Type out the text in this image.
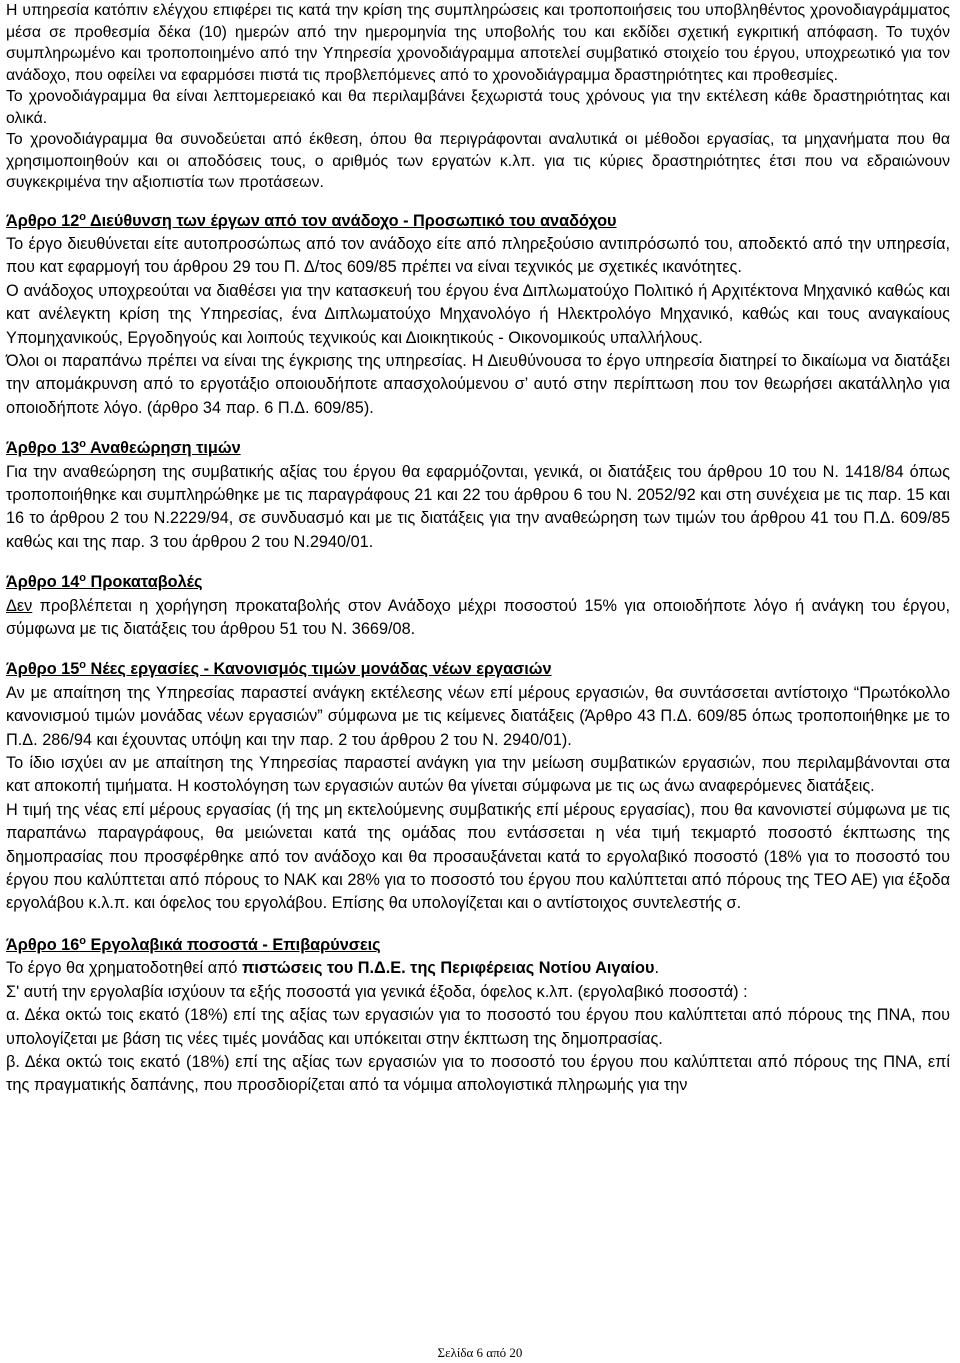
Η υπηρεσία κατόπιν ελέγχου επιφέρει τις κατά την κρίση της συμπληρώσεις και τροποποιήσεις του υποβληθέντος χρονοδιαγράμματος μέσα σε προθεσμία δέκα (10) ημερών από την ημερομηνία της υποβολής του και εκδίδει σχετική εγκριτική απόφαση. Το τυχόν συμπληρωμένο και τροποποιημένο από την Υπηρεσία χρονοδιάγραμμα αποτελεί συμβατικό στοιχείο του έργου, υποχρεωτικό για τον ανάδοχο, που οφείλει να εφαρμόσει πιστά τις προβλεπόμενες από το χρονοδιάγραμμα δραστηριότητες και προθεσμίες.

Το χρονοδιάγραμμα θα είναι λεπτομερειακό και θα περιλαμβάνει ξεχωριστά τους χρόνους για την εκτέλεση κάθε δραστηριότητας και ολικά.

Το χρονοδιάγραμμα θα συνοδεύεται από έκθεση, όπου θα περιγράφονται αναλυτικά οι μέθοδοι εργασίας, τα μηχανήματα που θα χρησιμοποιηθούν και οι αποδόσεις τους, ο αριθμός των εργατών κ.λπ. για τις κύριες δραστηριότητες έτσι που να εδραιώνουν συγκεκριμένα την αξιοπιστία των προτάσεων.

Άρθρο $12^o$ Διεύθυνση των έργων από τον ανάδοχο - Προσωπικό του αναδόχου

Το έργο διευθύνεται είτε αυτοπροσώπως από τον ανάδοχο είτε από πληρεξούσιο αντιπρόσωπό του, αποδεκτό από την υπηρεσία, που κατ εφαρμογή του άρθρου 29 του Π. Δ/τος 609/85 πρέπει να είναι τεχνικός με σχετικές ικανότητες.

Ο ανάδοχος υποχρεούται να διαθέσει για την κατασκευή του έργου ένα Διπλωματούχο Πολιτικό ή Αρχιτέκτονα Μηχανικό καθώς και κατ ανέλεγκτη κρίση της Υπηρεσίας, ένα Διπλωματούχο Μηχανολόγο ή Ηλεκτρολόγο Μηχανικό, καθώς και τους αναγκαίους Υπομηχανικούς, Εργοδηγούς και λοιπούς τεχνικούς και Διοικητικούς - Οικονομικούς υπαλλήλους.

Όλοι οι παραπάνω πρέπει να είναι της έγκρισης της υπηρεσίας. Η Διευθύνουσα το έργο υπηρεσία διατηρεί το δικαίωμα να διατάξει την απομάκρυνση από το εργοτάξιο οποιουδήποτε απασχολούμενου σ’ αυτό στην περίπτωση που τον θεωρήσει ακατάλληλο για οποιοδήποτε λόγο. (άρθρο 34 παρ. 6 Π.Δ. 609/85).

Άρθρο $13^o$ Αναθεώρηση τιμών

Για την αναθεώρηση της συμβατικής αξίας του έργου θα εφαρμόζονται, γενικά, οι διατάξεις του άρθρου 10 του Ν. 1418/84 όπως τροποποιήθηκε και συμπληρώθηκε με τις παραγράφους 21 και 22 του άρθρου 6 του Ν. 2052/92 και στη συνέχεια με τις παρ. 15 και 16 το άρθρου 2 του Ν.2229/94, σε συνδυασμό και με τις διατάξεις για την αναθεώρηση των τιμών του άρθρου 41 του Π.Δ. 609/85 καθώς και της παρ. 3 του άρθρου 2 του Ν.2940/01.

Άρθρο $14^o$ Προκαταβολές

Δεν προβλέπεται η χορήγηση προκαταβολής στον Ανάδοχο μέχρι ποσοστού 15% για οποιοδήποτε λόγο ή ανάγκη του έργου, σύμφωνα με τις διατάξεις του άρθρου 51 του Ν. 3669/08.

Άρθρο $15^o$ Νέες εργασίες - Κανονισμός τιμών μονάδας νέων εργασιών

Αν με απαίτηση της Υπηρεσίας παραστεί ανάγκη εκτέλεσης νέων επί μέρους εργασιών, θα συντάσσεται αντίστοιχο “Πρωτόκολλο κανονισμού τιμών μονάδας νέων εργασιών” σύμφωνα με τις κείμενες διατάξεις (Άρθρο 43 Π.Δ. 609/85 όπως τροποποιήθηκε με το Π.Δ. 286/94 και έχουντας υπόψη και την παρ. 2 του άρθρου 2 του Ν. 2940/01).

Το ίδιο ισχύει αν με απαίτηση της Υπηρεσίας παραστεί ανάγκη για την μείωση συμβατικών εργασιών, που περιλαμβάνονται στα κατ αποκοπή τιμήματα. Η κοστολόγηση των εργασιών αυτών θα γίνεται σύμφωνα με τις ως άνω αναφερόμενες διατάξεις.

Η τιμή της νέας επί μέρους εργασίας (ή της μη εκτελούμενης συμβατικής επί μέρους εργασίας), που θα κανονιστεί σύμφωνα με τις παραπάνω παραγράφους, θα μειώνεται κατά της ομάδας που εντάσσεται η νέα τιμή τεκμαρτό ποσοστό έκπτωσης της δημοπρασίας που προσφέρθηκε από τον ανάδοχο και θα προσαυξάνεται κατά το εργολαβικό ποσοστό (18% για το ποσοστό του έργου που καλύπτεται από πόρους το ΝΑΚ και 28% για το ποσοστό του έργου που καλύπτεται από πόρους της ΤΕΟ ΑΕ) για έξοδα εργολάβου κ.λ.π. και όφελος του εργολάβου. Επίσης θα υπολογίζεται και ο αντίστοιχος συντελεστής σ.

Άρθρο $16^o$ Εργολαβικά ποσοστά - Επιβαρύνσεις

Το έργο θα χρηματοδοτηθεί από πιστώσεις του Π.Δ.Ε. της Περιφέρειας Νοτίου Αιγαίου.

Σ' αυτή την εργολαβία ισχύουν τα εξής ποσοστά για γενικά έξοδα, όφελος κ.λπ. (εργολαβικό ποσοστά) :

α. Δέκα οκτώ τοις εκατό (18%) επί της αξίας των εργασιών για το ποσοστό του έργου που καλύπτεται από πόρους της ΠΝΑ, που υπολογίζεται με βάση τις νέες τιμές μονάδας και υπόκειται στην έκπτωση της δημοπρασίας.

β. Δέκα οκτώ τοις εκατό (18%) επί της αξίας των εργασιών για το ποσοστό του έργου που καλύπτεται από πόρους της ΠΝΑ, επί της πραγματικής δαπάνης, που προσδιορίζεται από τα νόμιμα απολογιστικά πληρωμής για την

Σελίδα 6 από 20
